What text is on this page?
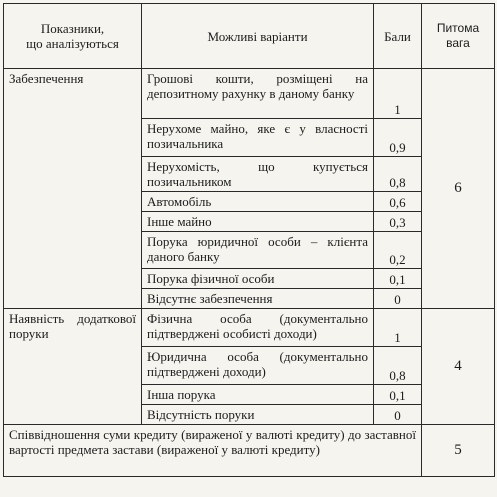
Показники,
що аналізуються	Можливі варіанти	Бали	Питома вага
Забезпечення	Грошові кошти, розміщені на депозитному рахунку в даному банку	1	6
	Нерухоме майно, яке є у власності позичальника	0,9	
	Нерухомість, що купується позичальником	0,8	
	Автомобіль	0,6	
	Інше майно	0,3	
	Порука юридичної особи – клієнта даного банку	0,2	
	Порука фізичної особи	0,1	
	Відсутнє забезпечення	0	
Наявність додаткової поруки	Фізична особа (документально підтверджені особисті доходи)	1	4
	Юридична особа (документально підтверджені доходи)	0,8	
	Інша порука	0,1	
	Відсутність поруки	0	
Співвідношення суми кредиту (вираженої у валюті кредиту) до заставної вартості предмета застави (вираженої у валюті кредиту)			5
